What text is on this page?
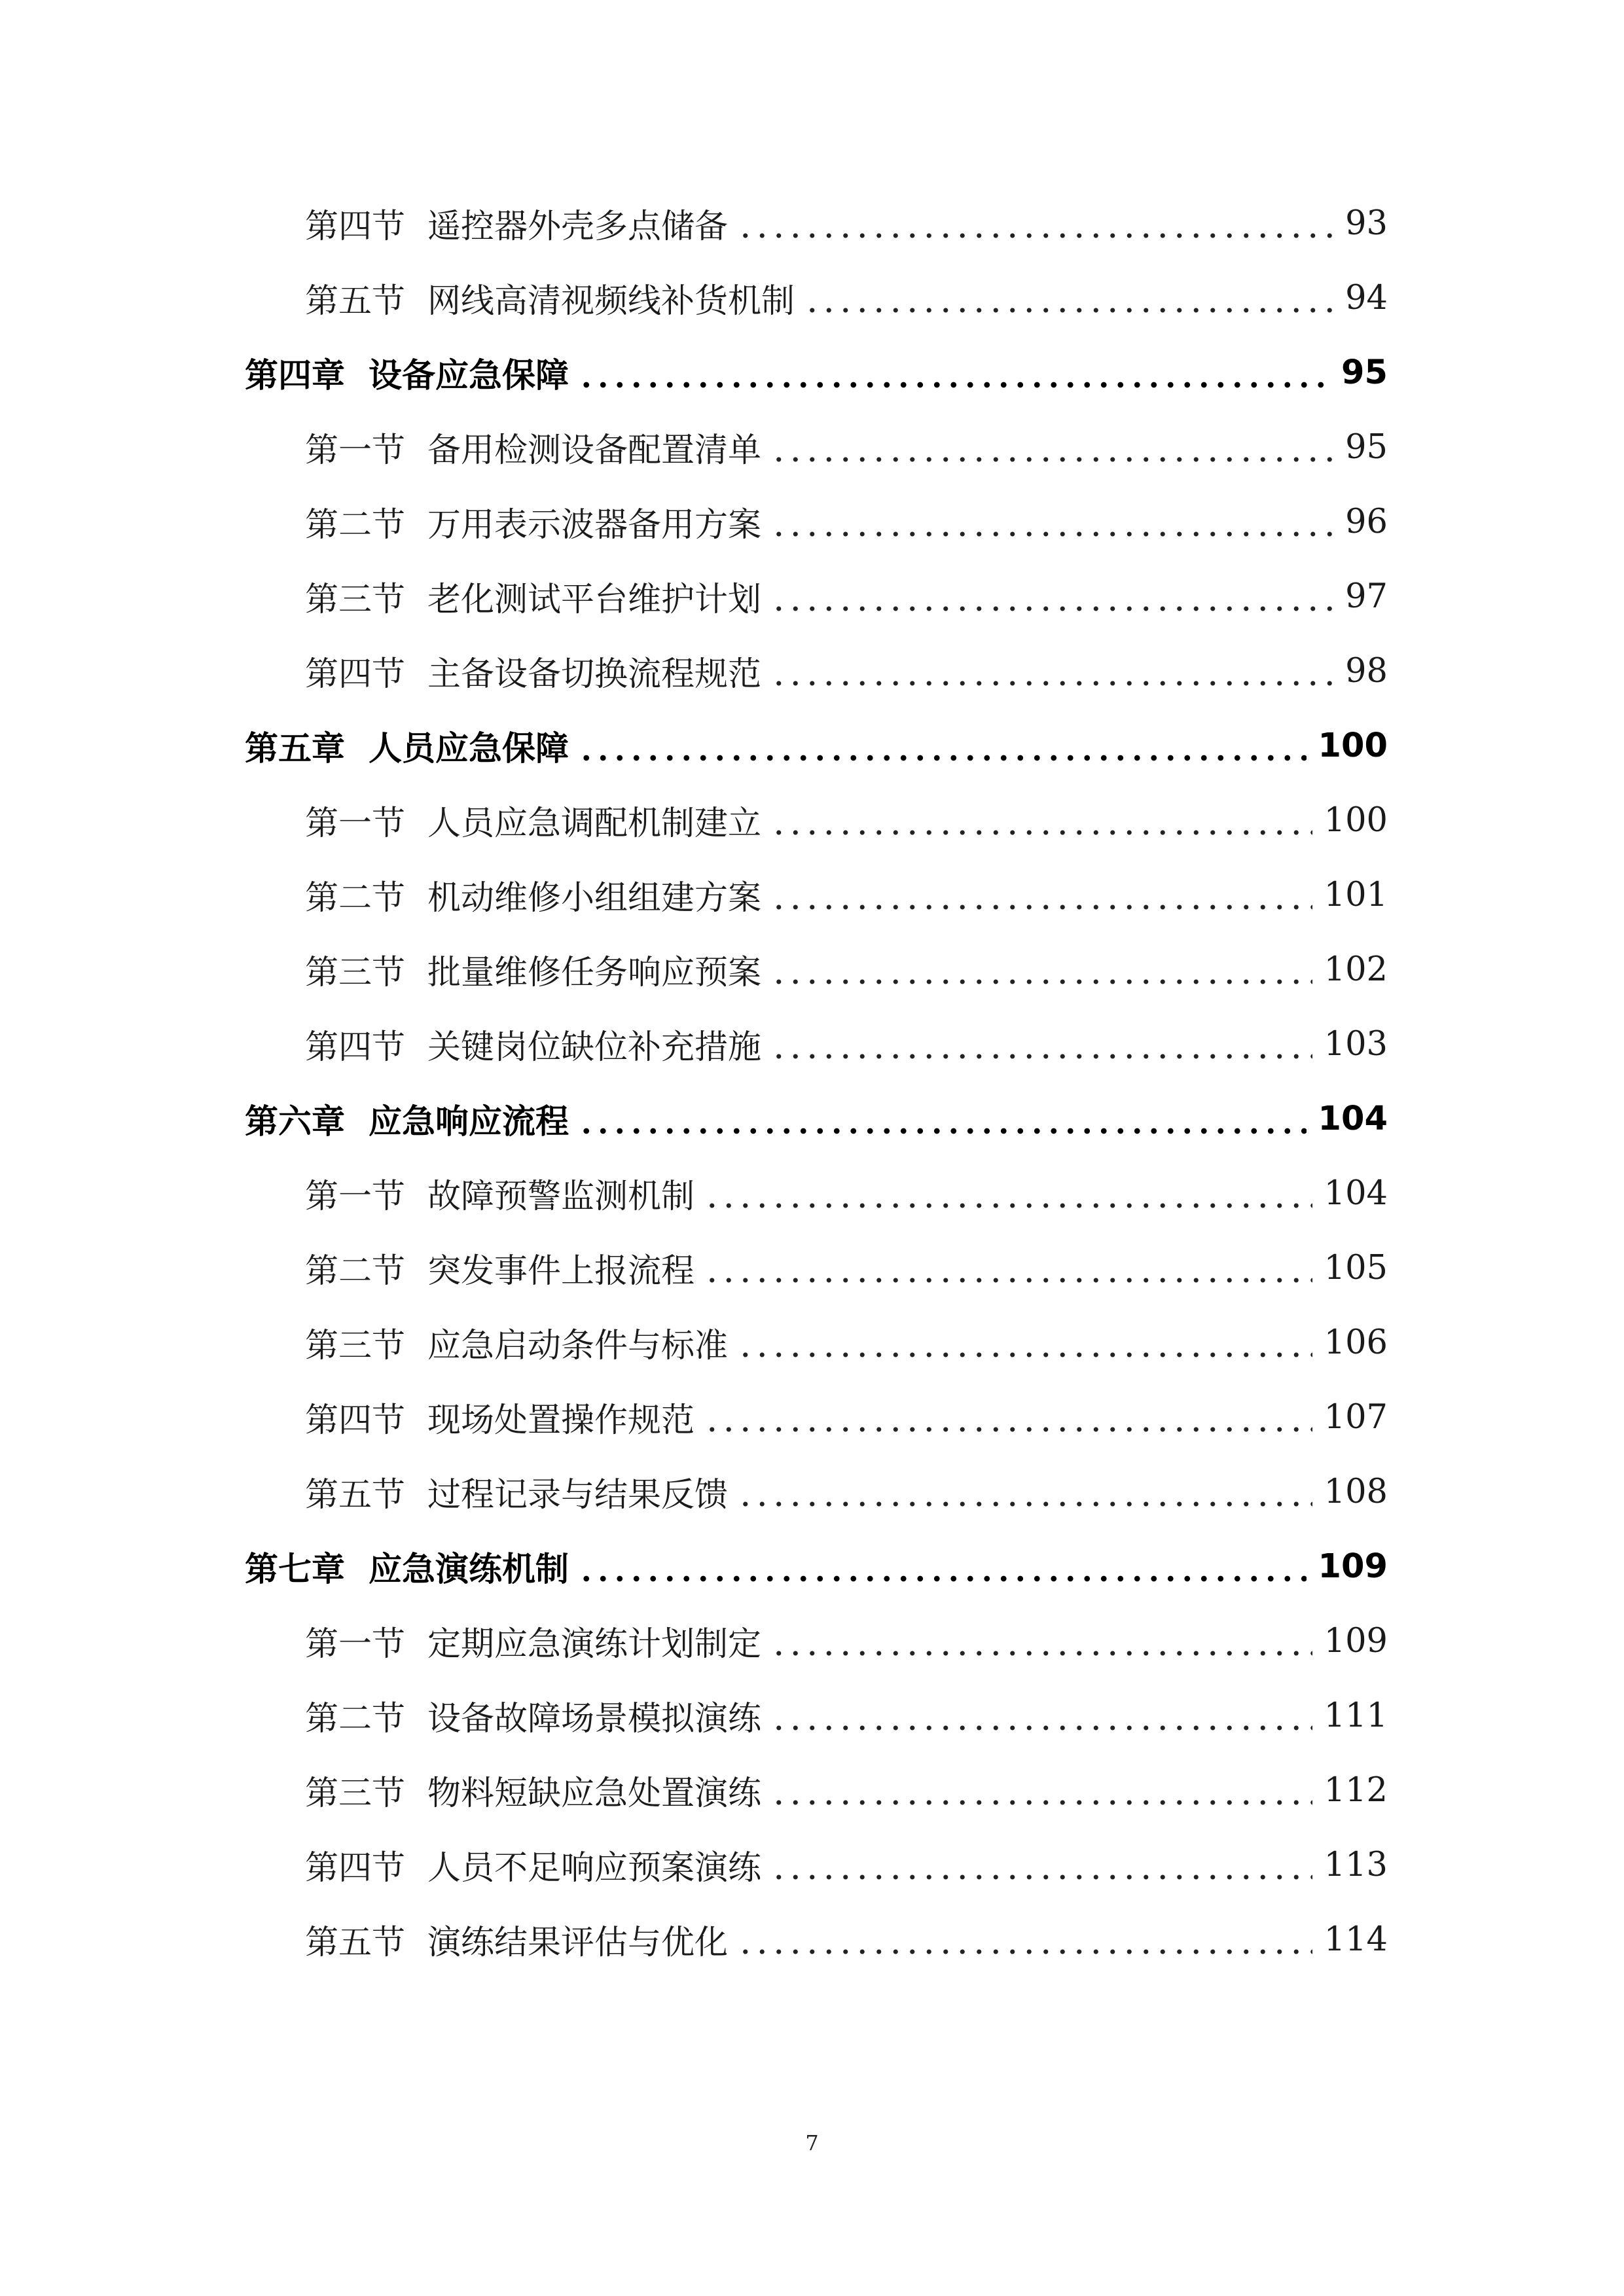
第四节 遥控器外壳多点储备	93
第五节 网线高清视频线补货机制	94
第四章 设备应急保障	95
第一节 备用检测设备配置清单	95
第二节 万用表示波器备用方案	96
第三节 老化测试平台维护计划	97
第四节 主备设备切换流程规范	98
第五章 人员应急保障	100
第一节 人员应急调配机制建立	100
第二节 机动维修小组组建方案	101
第三节 批量维修任务响应预案	102
第四节 关键岗位缺位补充措施	103
第六章 应急响应流程	104
第一节 故障预警监测机制	104
第二节 突发事件上报流程	105
第三节 应急启动条件与标准	106
第四节 现场处置操作规范	107
第五节 过程记录与结果反馈	108
第七章 应急演练机制	109
第一节 定期应急演练计划制定	109
第二节 设备故障场景模拟演练	111
第三节 物料短缺应急处置演练	112
第四节 人员不足响应预案演练	113
第五节 演练结果评估与优化	114
7
